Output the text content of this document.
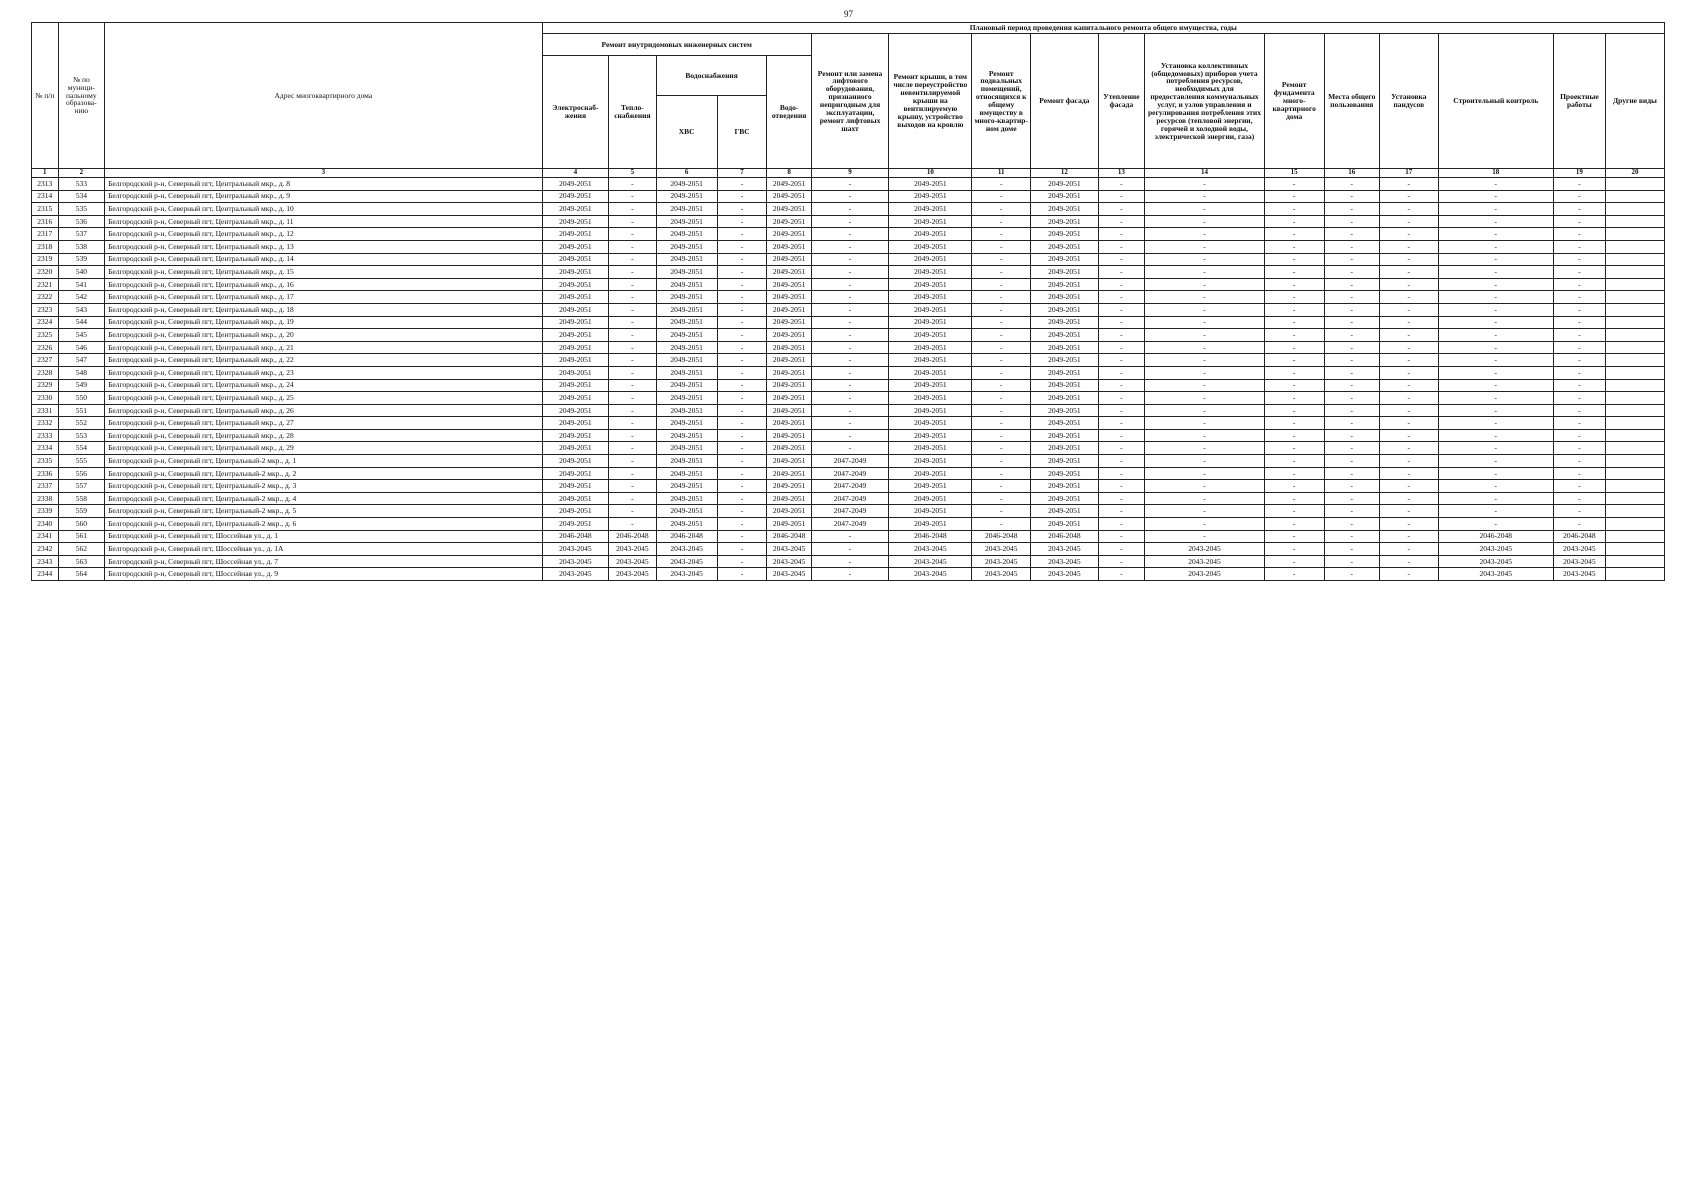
97
№ п/п	№ по муници-пальному образова-нию	Адрес многоквартирного дома	Плановый период проведения капитального ремонта общего имущества, годы																
			Ремонт внутридомовых инженерных систем					Ремонт или замена лифтового оборудования, признанного непригодным для эксплуатации, ремонт лифтовых шахт	Ремонт крыши, в том числе переустройство невентилируемой крыши на вентилируемую крышу, устройство выходов на кровлю	Ремонт подвальных помещений, относящихся к общему имуществу в много-квартир-ном доме	Ремонт фасада	Утепление фасада	Установка коллективных (общедомовых) приборов учета потребления ресурсов, необходимых для предоставления коммунальных услуг, и узлов управления и регулирования потребления этих ресурсов (тепловой энергии, горячей и холодной воды, электрической энергии, газа)	Ремонт фундамента много-квартирного дома	Места общего пользования	Установка пандусов	Строительный контроль	Проектные работы	Другие виды
			Электроснаб-жения	Тепло-снабжения	Водоснабжения		Водо-отведения												
					ХВС	ГВС													
1	2	3	4	5	6	7	8	9	10	11	12	13	14	15	16	17	18	19	20
2313	533	Белгородский р-н, Северный пгт, Центральный мкр., д. 8	2049-2051	-	2049-2051	-	2049-2051	-	2049-2051	-	2049-2051	-	-	-	-	-	-	-	
2314	534	Белгородский р-н, Северный пгт, Центральный мкр., д. 9	2049-2051	-	2049-2051	-	2049-2051	-	2049-2051	-	2049-2051	-	-	-	-	-	-	-	
2315	535	Белгородский р-н, Северный пгт, Центральный мкр., д. 10	2049-2051	-	2049-2051	-	2049-2051	-	2049-2051	-	2049-2051	-	-	-	-	-	-	-	
2316	536	Белгородский р-н, Северный пгт, Центральный мкр., д. 11	2049-2051	-	2049-2051	-	2049-2051	-	2049-2051	-	2049-2051	-	-	-	-	-	-	-	
2317	537	Белгородский р-н, Северный пгт, Центральный мкр., д. 12	2049-2051	-	2049-2051	-	2049-2051	-	2049-2051	-	2049-2051	-	-	-	-	-	-	-	
2318	538	Белгородский р-н, Северный пгт, Центральный мкр., д. 13	2049-2051	-	2049-2051	-	2049-2051	-	2049-2051	-	2049-2051	-	-	-	-	-	-	-	
2319	539	Белгородский р-н, Северный пгт, Центральный мкр., д. 14	2049-2051	-	2049-2051	-	2049-2051	-	2049-2051	-	2049-2051	-	-	-	-	-	-	-	
2320	540	Белгородский р-н, Северный пгт, Центральный мкр., д. 15	2049-2051	-	2049-2051	-	2049-2051	-	2049-2051	-	2049-2051	-	-	-	-	-	-	-	
2321	541	Белгородский р-н, Северный пгт, Центральный мкр., д. 16	2049-2051	-	2049-2051	-	2049-2051	-	2049-2051	-	2049-2051	-	-	-	-	-	-	-	
2322	542	Белгородский р-н, Северный пгт, Центральный мкр., д. 17	2049-2051	-	2049-2051	-	2049-2051	-	2049-2051	-	2049-2051	-	-	-	-	-	-	-	
2323	543	Белгородский р-н, Северный пгт, Центральный мкр., д. 18	2049-2051	-	2049-2051	-	2049-2051	-	2049-2051	-	2049-2051	-	-	-	-	-	-	-	
2324	544	Белгородский р-н, Северный пгт, Центральный мкр., д. 19	2049-2051	-	2049-2051	-	2049-2051	-	2049-2051	-	2049-2051	-	-	-	-	-	-	-	
2325	545	Белгородский р-н, Северный пгт, Центральный мкр., д. 20	2049-2051	-	2049-2051	-	2049-2051	-	2049-2051	-	2049-2051	-	-	-	-	-	-	-	
2326	546	Белгородский р-н, Северный пгт, Центральный мкр., д. 21	2049-2051	-	2049-2051	-	2049-2051	-	2049-2051	-	2049-2051	-	-	-	-	-	-	-	
2327	547	Белгородский р-н, Северный пгт, Центральный мкр., д. 22	2049-2051	-	2049-2051	-	2049-2051	-	2049-2051	-	2049-2051	-	-	-	-	-	-	-	
2328	548	Белгородский р-н, Северный пгт, Центральный мкр., д. 23	2049-2051	-	2049-2051	-	2049-2051	-	2049-2051	-	2049-2051	-	-	-	-	-	-	-	
2329	549	Белгородский р-н, Северный пгт, Центральный мкр., д. 24	2049-2051	-	2049-2051	-	2049-2051	-	2049-2051	-	2049-2051	-	-	-	-	-	-	-	
2330	550	Белгородский р-н, Северный пгт, Центральный мкр., д. 25	2049-2051	-	2049-2051	-	2049-2051	-	2049-2051	-	2049-2051	-	-	-	-	-	-	-	
2331	551	Белгородский р-н, Северный пгт, Центральный мкр., д. 26	2049-2051	-	2049-2051	-	2049-2051	-	2049-2051	-	2049-2051	-	-	-	-	-	-	-	
2332	552	Белгородский р-н, Северный пгт, Центральный мкр., д. 27	2049-2051	-	2049-2051	-	2049-2051	-	2049-2051	-	2049-2051	-	-	-	-	-	-	-	
2333	553	Белгородский р-н, Северный пгт, Центральный мкр., д. 28	2049-2051	-	2049-2051	-	2049-2051	-	2049-2051	-	2049-2051	-	-	-	-	-	-	-	
2334	554	Белгородский р-н, Северный пгт, Центральный мкр., д. 29	2049-2051	-	2049-2051	-	2049-2051	-	2049-2051	-	2049-2051	-	-	-	-	-	-	-	
2335	555	Белгородский р-н, Северный пгт, Центральный-2 мкр., д. 1	2049-2051	-	2049-2051	-	2049-2051	2047-2049	2049-2051	-	2049-2051	-	-	-	-	-	-	-	
2336	556	Белгородский р-н, Северный пгт, Центральный-2 мкр., д. 2	2049-2051	-	2049-2051	-	2049-2051	2047-2049	2049-2051	-	2049-2051	-	-	-	-	-	-	-	
2337	557	Белгородский р-н, Северный пгт, Центральный-2 мкр., д. 3	2049-2051	-	2049-2051	-	2049-2051	2047-2049	2049-2051	-	2049-2051	-	-	-	-	-	-	-	
2338	558	Белгородский р-н, Северный пгт, Центральный-2 мкр., д. 4	2049-2051	-	2049-2051	-	2049-2051	2047-2049	2049-2051	-	2049-2051	-	-	-	-	-	-	-	
2339	559	Белгородский р-н, Северный пгт, Центральный-2 мкр., д. 5	2049-2051	-	2049-2051	-	2049-2051	2047-2049	2049-2051	-	2049-2051	-	-	-	-	-	-	-	
2340	560	Белгородский р-н, Северный пгт, Центральный-2 мкр., д. 6	2049-2051	-	2049-2051	-	2049-2051	2047-2049	2049-2051	-	2049-2051	-	-	-	-	-	-	-	
2341	561	Белгородский р-н, Северный пгт, Шоссейная ул., д. 1	2046-2048	2046-2048	2046-2048	-	2046-2048	-	2046-2048	2046-2048	2046-2048	-	-	-	-	-	2046-2048	2046-2048	
2342	562	Белгородский р-н, Северный пгт, Шоссейная ул., д. 1А	2043-2045	2043-2045	2043-2045	-	2043-2045	-	2043-2045	2043-2045	2043-2045	-	2043-2045	-	-	-	2043-2045	2043-2045	
2343	563	Белгородский р-н, Северный пгт, Шоссейная ул., д. 7	2043-2045	2043-2045	2043-2045	-	2043-2045	-	2043-2045	2043-2045	2043-2045	-	2043-2045	-	-	-	2043-2045	2043-2045	
2344	564	Белгородский р-н, Северный пгт, Шоссейная ул., д. 9	2043-2045	2043-2045	2043-2045	-	2043-2045	-	2043-2045	2043-2045	2043-2045	-	2043-2045	-	-	-	2043-2045	2043-2045	
